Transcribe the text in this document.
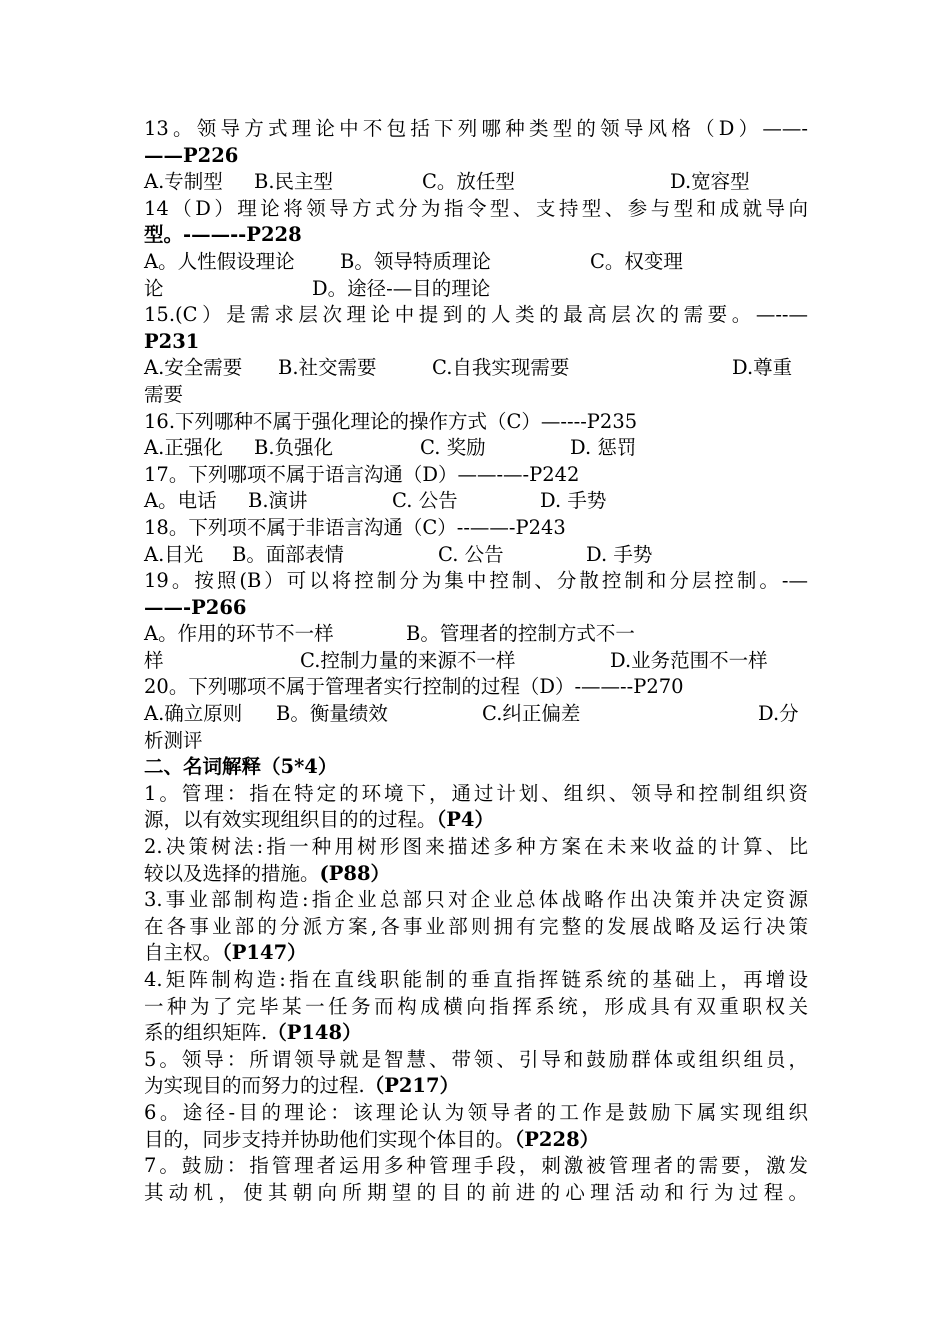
13。领导方式理论中不包括下列哪种类型的领导风格（D）——-
——P226

A.专制型

B.民主型

	C。放任型

	D.宽容型

14（D）理论将领导方式分为指令型、支持型、参与型和成就导向
型。-——--P228

A。人性假设理论

B。领导特质理论

	C。权变理

论

	D。途径-—目的理论

15.(C）是需求层次理论中提到的人类的最高层次的需要。—--—
P231

A.安全需要

B.社交需要

	C.自我实现需要

	D.尊重

需要
16.下列哪种不属于强化理论的操作方式（C）—----P235

A.正强化

B.负强化

	C. 奖励

	D. 惩罚

17。下列哪项不属于语言沟通（D）——-—-P242

A。电话

B.演讲

	C. 公告

	D. 手势

18。下列项不属于非语言沟通（C）--——-P243

A.目光

B。面部表情

	C. 公告

	D. 手势

19。按照(B）可以将控制分为集中控制、分散控制和分层控制。-—
——-P266

A。作用的环节不一样

	B。管理者的控制方式不一

样

	C.控制力量的来源不一样

	D.业务范围不一样

20。下列哪项不属于管理者实行控制的过程（D）-——--P270

A.确立原则

B。衡量绩效

	C.纠正偏差

	D.分

析测评
二、名词解释（5*4）
1。管理：指在特定的环境下，通过计划、组织、领导和控制组织资
源，以有效实现组织目的的过程。（P4）
2.决策树法:指一种用树形图来描述多种方案在未来收益的计算、比
较以及选择的措施。(P88）
3.事业部制构造:指企业总部只对企业总体战略作出决策并决定资源
在各事业部的分派方案,各事业部则拥有完整的发展战略及运行决策
自主权。（P147）
4.矩阵制构造:指在直线职能制的垂直指挥链系统的基础上，再增设
一种为了完毕某一任务而构成横向指挥系统，形成具有双重职权关
系的组织矩阵.（P148）
5。领导：所谓领导就是智慧、带领、引导和鼓励群体或组织组员，
为实现目的而努力的过程.（P217）
6。途径-目的理论：该理论认为领导者的工作是鼓励下属实现组织
目的，同步支持并协助他们实现个体目的。（P228）
7。鼓励：指管理者运用多种管理手段，刺激被管理者的需要，激发
其动机，使其朝向所期望的目的前进的心理活动和行为过程。
